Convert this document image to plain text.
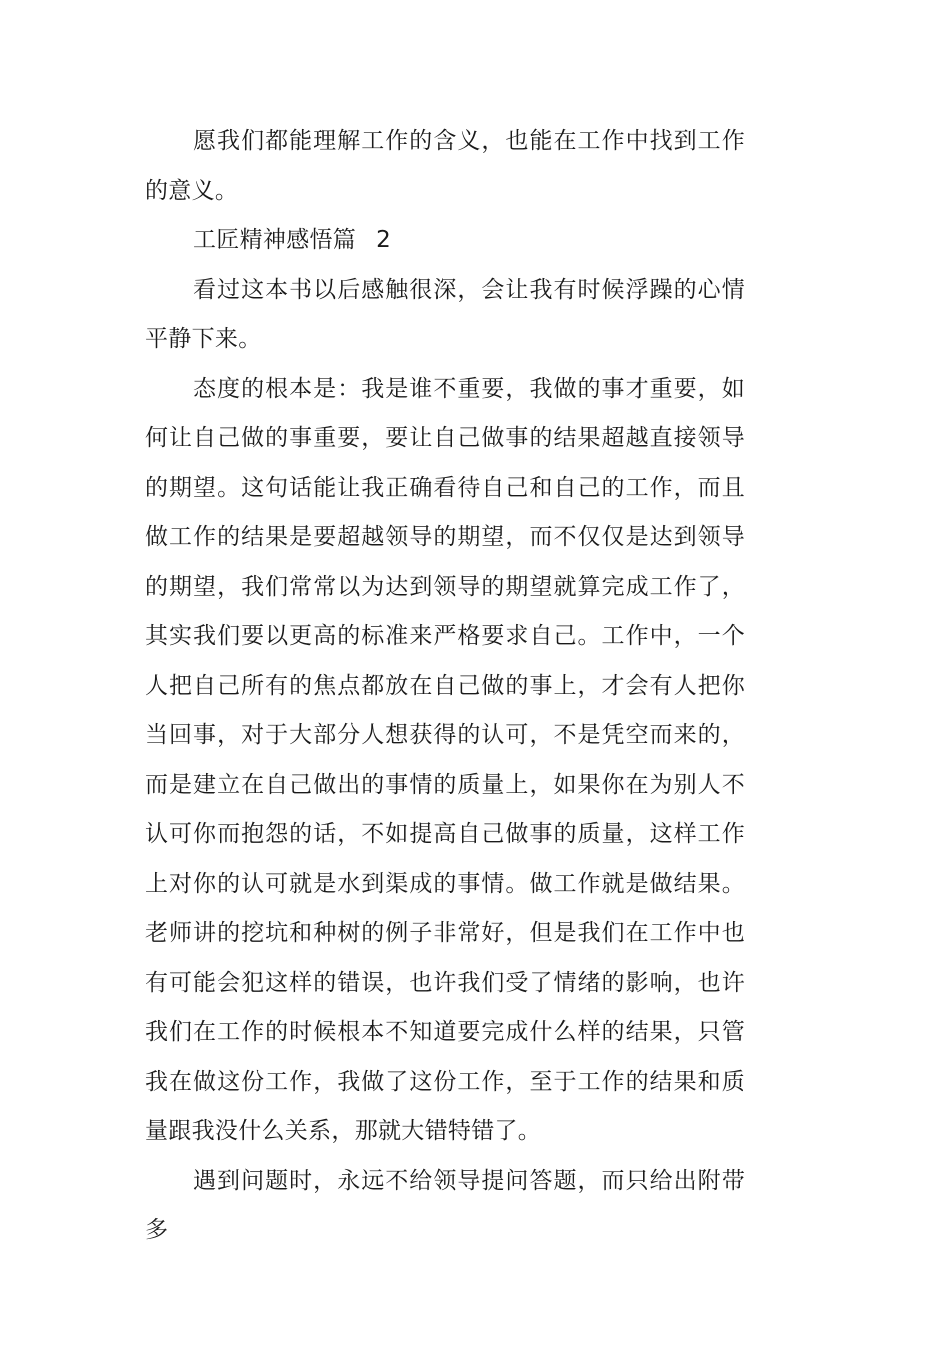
愿我们都能理解工作的含义，也能在工作中找到工作的意义。

工匠精神感悟篇 2

看过这本书以后感触很深，会让我有时候浮躁的心情平静下来。

态度的根本是：我是谁不重要，我做的事才重要，如何让自己做的事重要，要让自己做事的结果超越直接领导的期望。这句话能让我正确看待自己和自己的工作，而且做工作的结果是要超越领导的期望，而不仅仅是达到领导的期望，我们常常以为达到领导的期望就算完成工作了，其实我们要以更高的标准来严格要求自己。工作中，一个人把自己所有的焦点都放在自己做的事上，才会有人把你当回事，对于大部分人想获得的认可，不是凭空而来的，而是建立在自己做出的事情的质量上，如果你在为别人不认可你而抱怨的话，不如提高自己做事的质量，这样工作上对你的认可就是水到渠成的事情。做工作就是做结果。老师讲的挖坑和种树的例子非常好，但是我们在工作中也有可能会犯这样的错误，也许我们受了情绪的影响，也许我们在工作的时候根本不知道要完成什么样的结果，只管我在做这份工作，我做了这份工作，至于工作的结果和质量跟我没什么关系，那就大错特错了。

遇到问题时，永远不给领导提问答题，而只给出附带多
